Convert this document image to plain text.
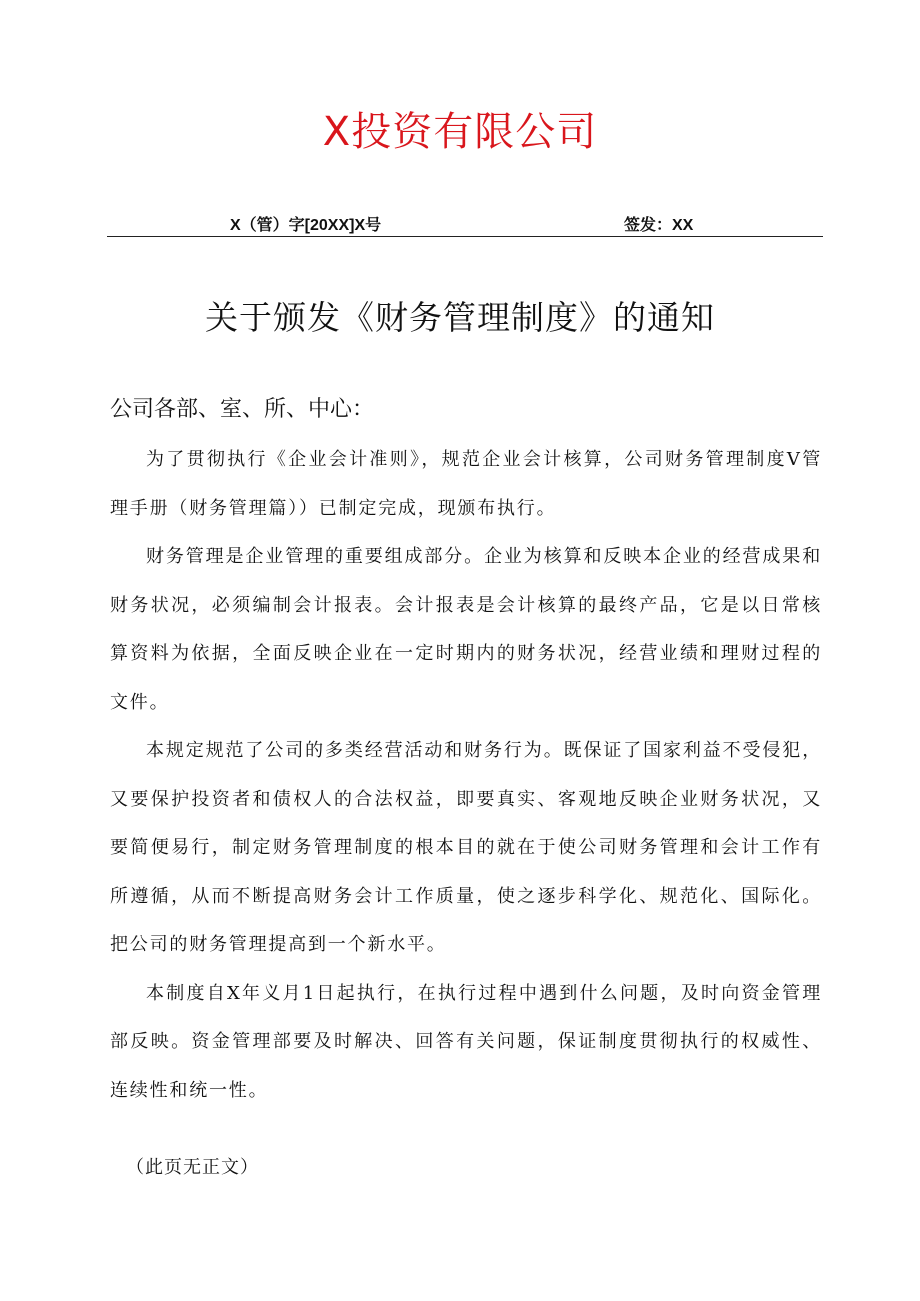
X投资有限公司
X（管）字[20XX]X号	签发：XX
关于颁发《财务管理制度》的通知

公司各部、室、所、中心：

为了贯彻执行《企业会计准则》，规范企业会计核算，公司财务管理制度V管理手册（财务管理篇））已制定完成，现颁布执行。

财务管理是企业管理的重要组成部分。企业为核算和反映本企业的经营成果和财务状况，必须编制会计报表。会计报表是会计核算的最终产品，它是以日常核算资料为依据，全面反映企业在一定时期内的财务状况，经营业绩和理财过程的文件。

本规定规范了公司的多类经营活动和财务行为。既保证了国家利益不受侵犯，又要保护投资者和债权人的合法权益，即要真实、客观地反映企业财务状况，又要简便易行，制定财务管理制度的根本目的就在于使公司财务管理和会计工作有所遵循，从而不断提高财务会计工作质量，使之逐步科学化、规范化、国际化。把公司的财务管理提高到一个新水平。

本制度自X年义月1日起执行，在执行过程中遇到什么问题，及时向资金管理部反映。资金管理部要及时解决、回答有关问题，保证制度贯彻执行的权威性、连续性和统一性。

（此页无正文）
